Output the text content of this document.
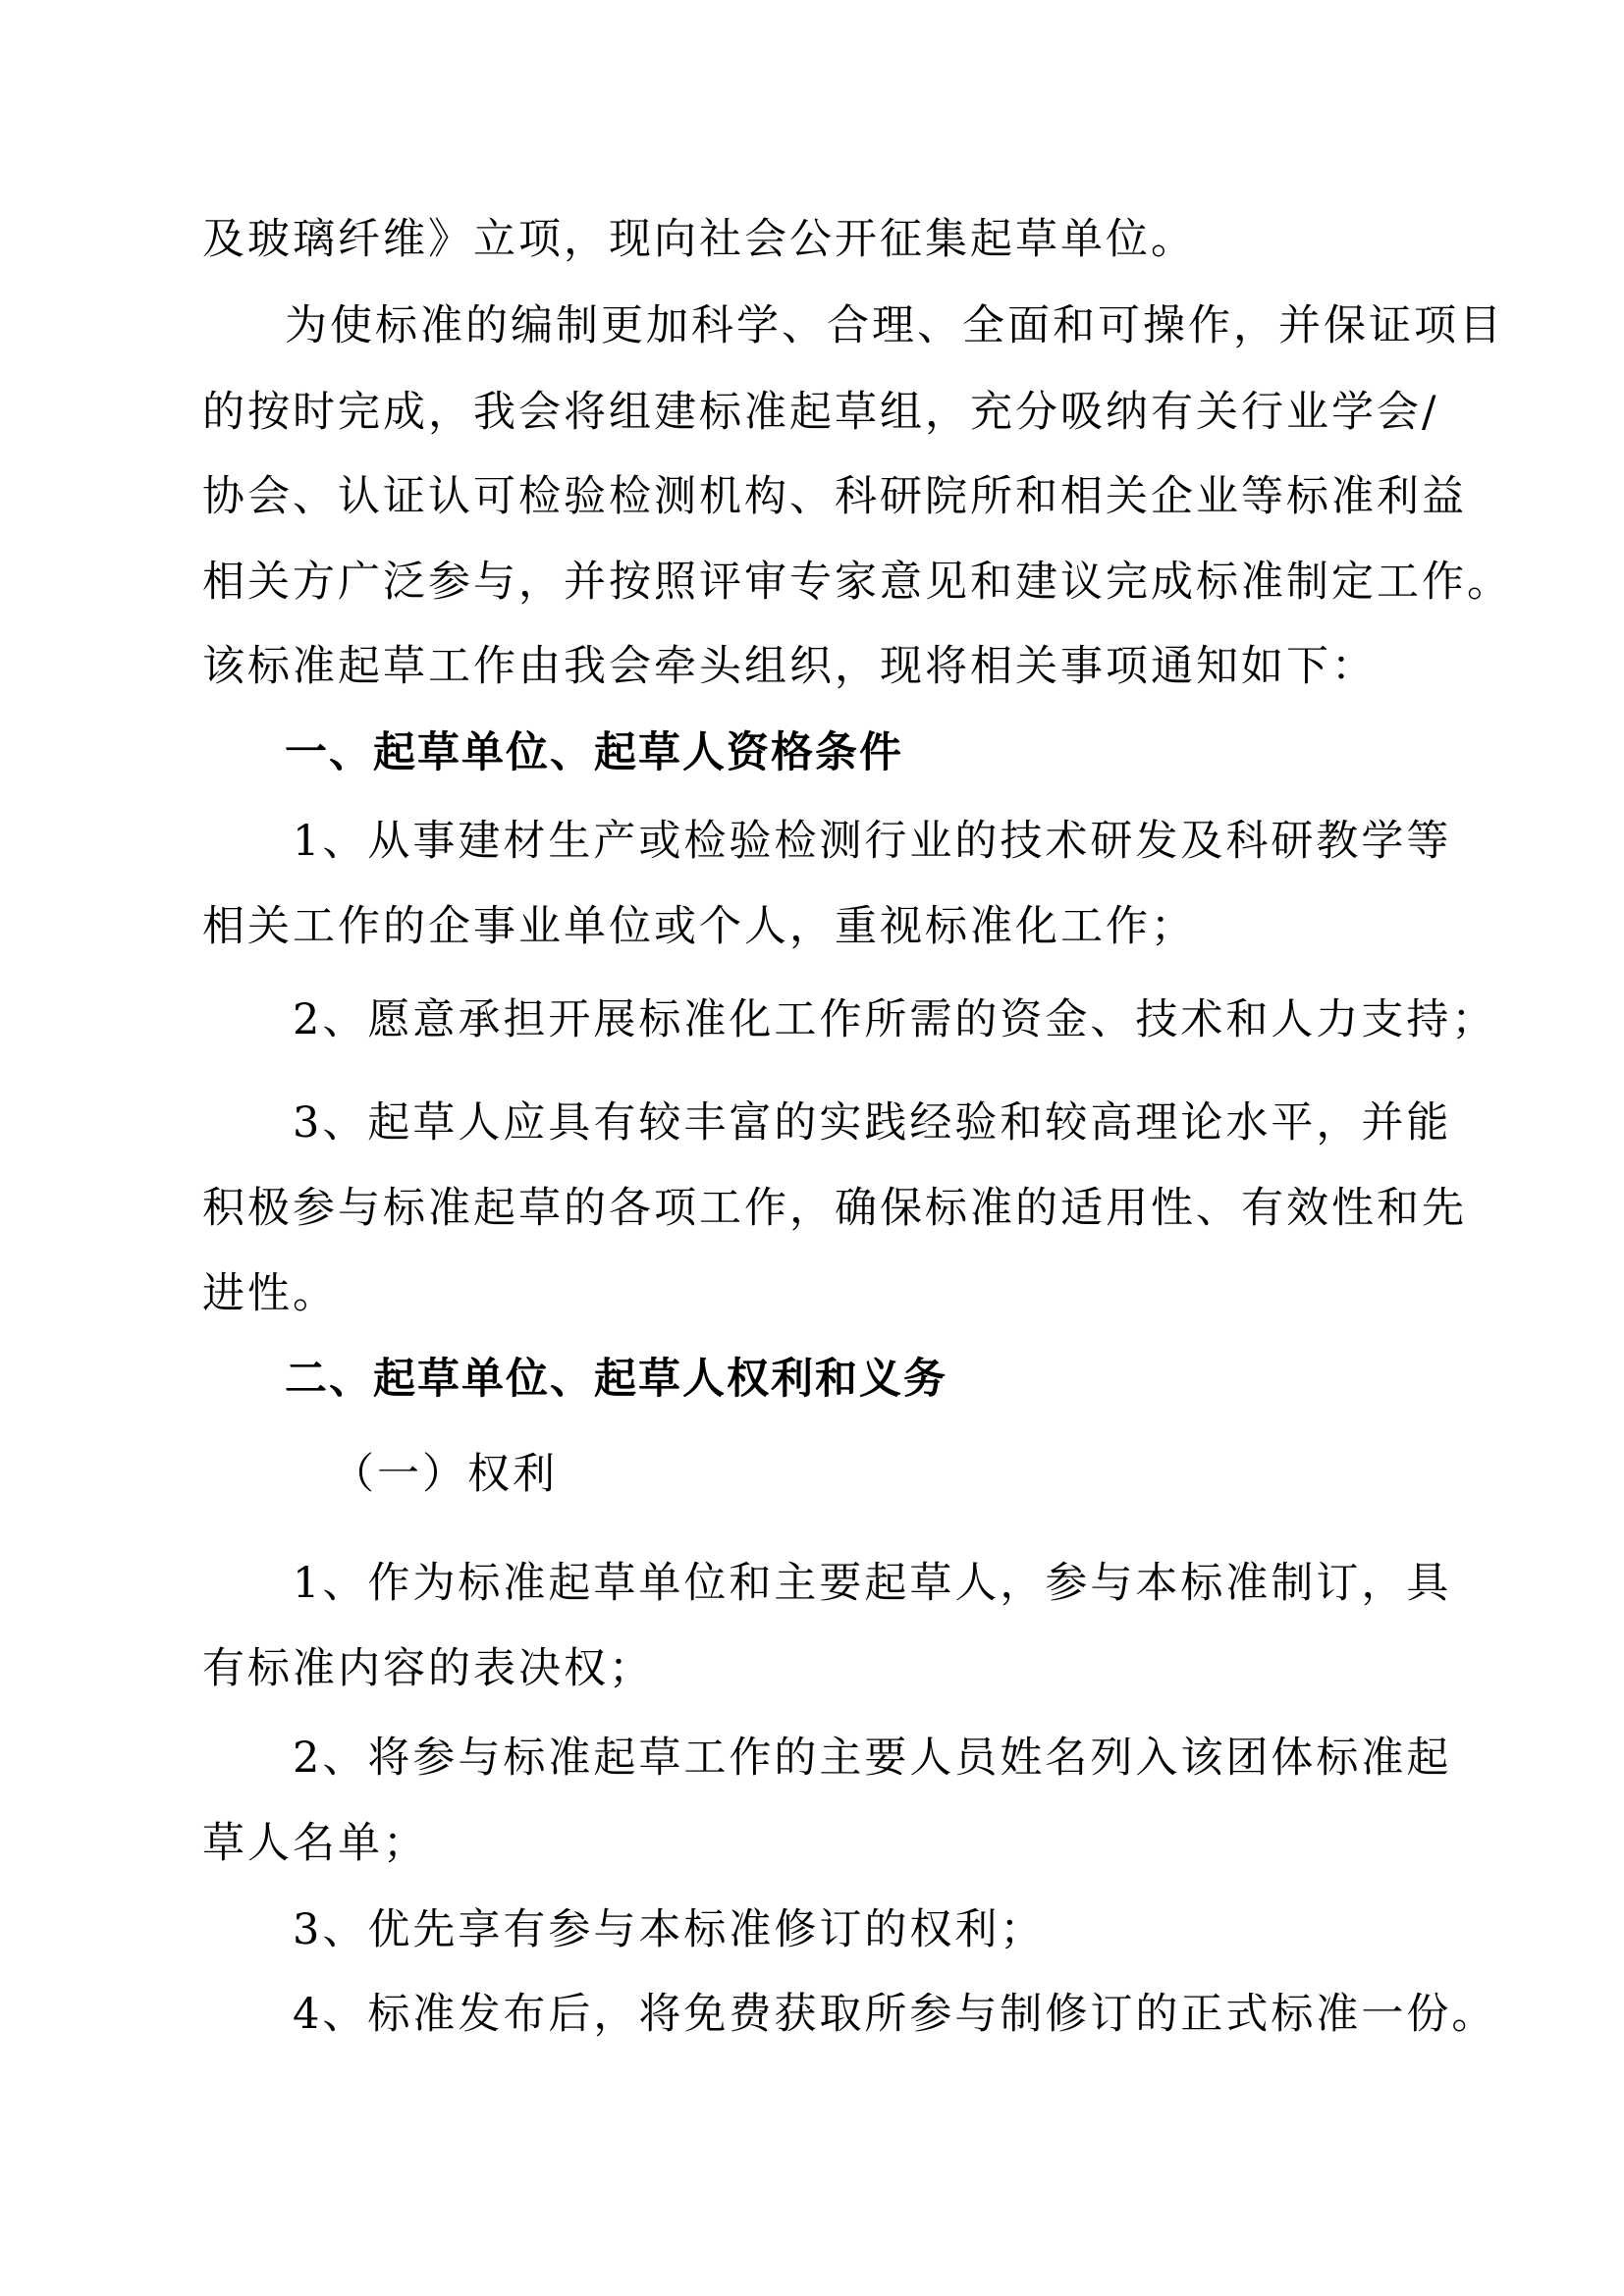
及玻璃纤维》立项，现向社会公开征集起草单位。
为使标准的编制更加科学、合理、全面和可操作，并保证项目
的按时完成，我会将组建标准起草组，充分吸纳有关行业学会/
协会、认证认可检验检测机构、科研院所和相关企业等标准利益
相关方广泛参与，并按照评审专家意见和建议完成标准制定工作。
该标准起草工作由我会牵头组织，现将相关事项通知如下：
一、起草单位、起草人资格条件
1、从事建材生产或检验检测行业的技术研发及科研教学等
相关工作的企事业单位或个人，重视标准化工作；
2、愿意承担开展标准化工作所需的资金、技术和人力支持；
3、起草人应具有较丰富的实践经验和较高理论水平，并能
积极参与标准起草的各项工作，确保标准的适用性、有效性和先
进性。
二、起草单位、起草人权利和义务
（一）权利
1、作为标准起草单位和主要起草人，参与本标准制订，具
有标准内容的表决权；
2、将参与标准起草工作的主要人员姓名列入该团体标准起
草人名单；
3、优先享有参与本标准修订的权利；
4、标准发布后，将免费获取所参与制修订的正式标准一份。
